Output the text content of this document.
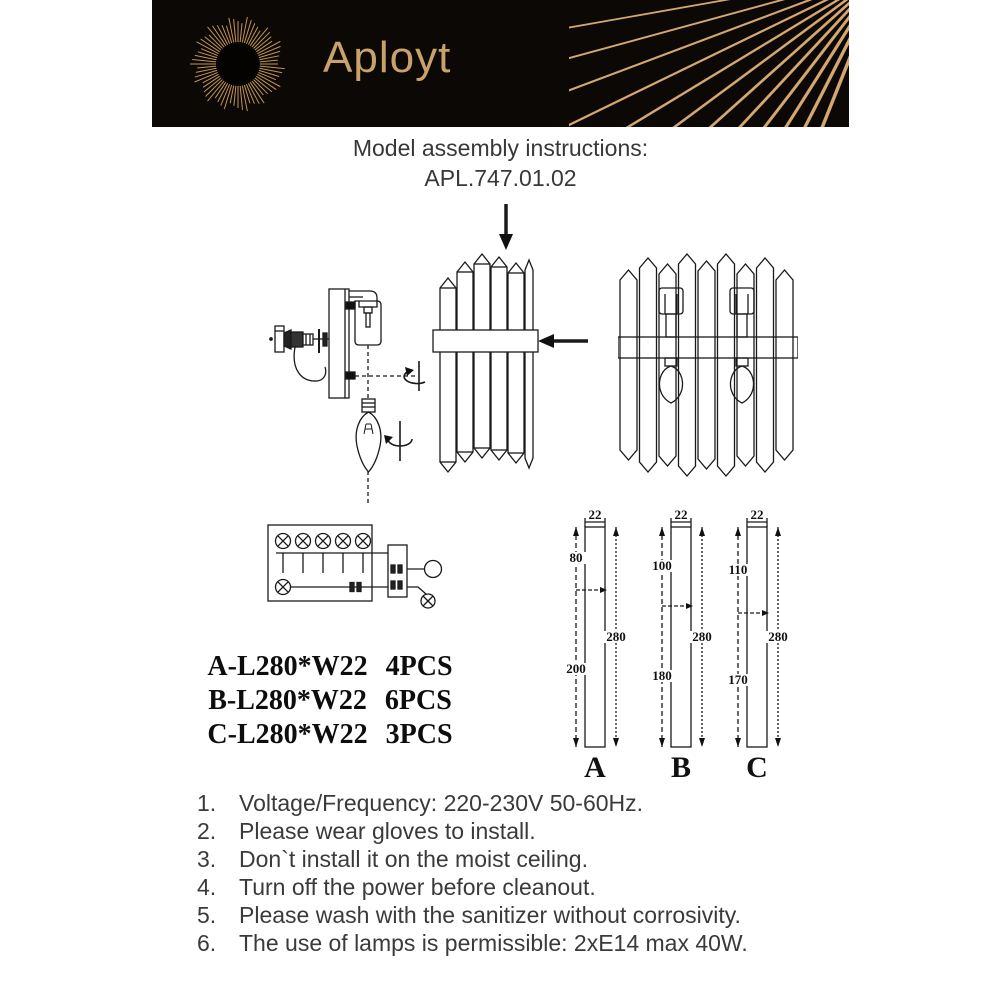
Aployt
Model assembly instructions:
APL.747.01.02
A-L280*W22 4PCS
B-L280*W22 6PCS
C-L280*W22 3PCS
22
80
200
280
A
22
100
180
280
B
22
110
170
280
C
1. Voltage/Frequency: 220-230V 50-60Hz.
2. Please wear gloves to install.
3. Don`t install it on the moist ceiling.
4. Turn off the power before cleanout.
5. Please wash with the sanitizer without corrosivity.
6. The use of lamps is permissible: 2xE14 max 40W.
